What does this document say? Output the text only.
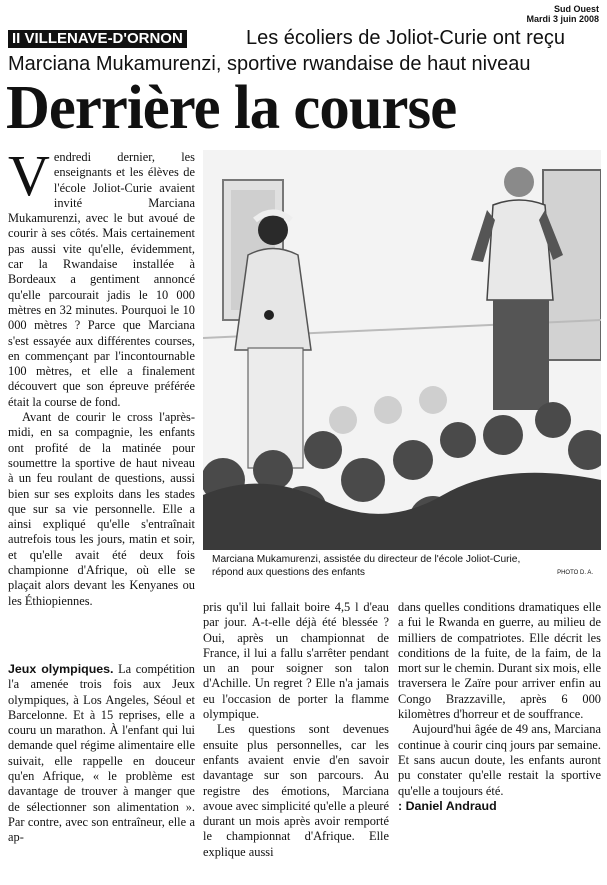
Sud Ouest
Mardi 3 juin 2008
II VILLENAVE-D'ORNON	Les écoliers de Joliot-Curie ont reçu
Marciana Mukamurenzi, sportive rwandaise de haut niveau
Derrière la course

Vendredi dernier, les enseignants et les élèves de l'école Joliot-Curie avaient invité Marciana Mukamurenzi, avec le but avoué de courir à ses côtés. Mais certainement pas aussi vite qu'elle, évidemment, car la Rwandaise installée à Bordeaux a gentiment annoncé qu'elle parcourait jadis le 10 000 mètres en 32 minutes. Pourquoi le 10 000 mètres ? Parce que Marciana s'est essayée aux différentes courses, en commençant par l'incontournable 100 mètres, et elle a finalement découvert que son épreuve préférée était la course de fond.

Avant de courir le cross l'après-midi, en sa compagnie, les enfants ont profité de la matinée pour soumettre la sportive de haut niveau à un feu roulant de questions, aussi bien sur ses exploits dans les stades que sur sa vie personnelle. Elle a ainsi expliqué qu'elle s'entraînait autrefois tous les jours, matin et soir, et qu'elle avait été deux fois championne d'Afrique, où elle se plaçait alors devant les Kenyanes ou les Éthiopiennes.

Jeux olympiques. La compétition l'a amenée trois fois aux Jeux olympiques, à Los Angeles, Séoul et Barcelonne. Et à 15 reprises, elle a couru un marathon. À l'enfant qui lui demande quel régime alimentaire elle suivait, elle rappelle en douceur qu'en Afrique, « le problème est davantage de trouver à manger que de sélectionner son alimentation ». Par contre, avec son entraîneur, elle a ap-

Marciana Mukamurenzi, assistée du directeur de l'école Joliot-Curie,
répond aux questions des enfants	PHOTO D. A.

pris qu'il lui fallait boire 4,5 l d'eau par jour. A-t-elle déjà été blessée ? Oui, après un championnat de France, il lui a fallu s'arrêter pendant un an pour soigner son talon d'Achille. Un regret ? Elle n'a jamais eu l'occasion de porter la flamme olympique.

Les questions sont devenues ensuite plus personnelles, car les enfants avaient envie d'en savoir davantage sur son parcours. Au registre des émotions, Marciana avoue avec simplicité qu'elle a pleuré durant un mois après avoir remporté le championnat d'Afrique. Elle explique aussi

dans quelles conditions dramatiques elle a fui le Rwanda en guerre, au milieu de milliers de compatriotes. Elle décrit les conditions de la fuite, de la faim, de la mort sur le chemin. Durant six mois, elle traversera le Zaïre pour arriver enfin au Congo Brazzaville, après 6 000 kilomètres d'horreur et de souffrance.

Aujourd'hui âgée de 49 ans, Marciana continue à courir cinq jours par semaine. Et sans aucun doute, les enfants auront pu constater qu'elle restait la sportive qu'elle a toujours été.

: Daniel Andraud
